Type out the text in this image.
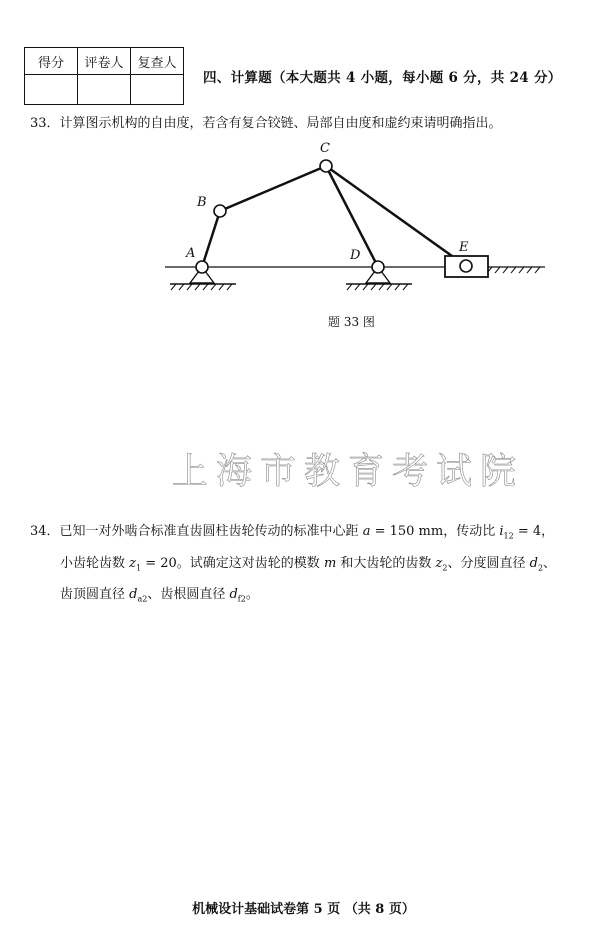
得分	评卷人	复查人

四、计算题（本大题共 4 小题，每小题 6 分，共 24 分）
33．计算图示机构的自由度，若含有复合铰链、局部自由度和虚约束请明确指出。
A
B
C
D
E
题 33 图
上海市教育考试院
34．已知一对外啮合标准直齿圆柱齿轮传动的标准中心距 a = 150 mm，传动比 $i_{12} = 4$，
小齿轮齿数 $z_1 = 20$。试确定这对齿轮的模数 m 和大齿轮的齿数 $z_2$、分度圆直径 $d_2$、
齿顶圆直径 $d_{a2}$、齿根圆直径 $d_{f2}$。
机械设计基础试卷第 5 页 （共 8 页）
